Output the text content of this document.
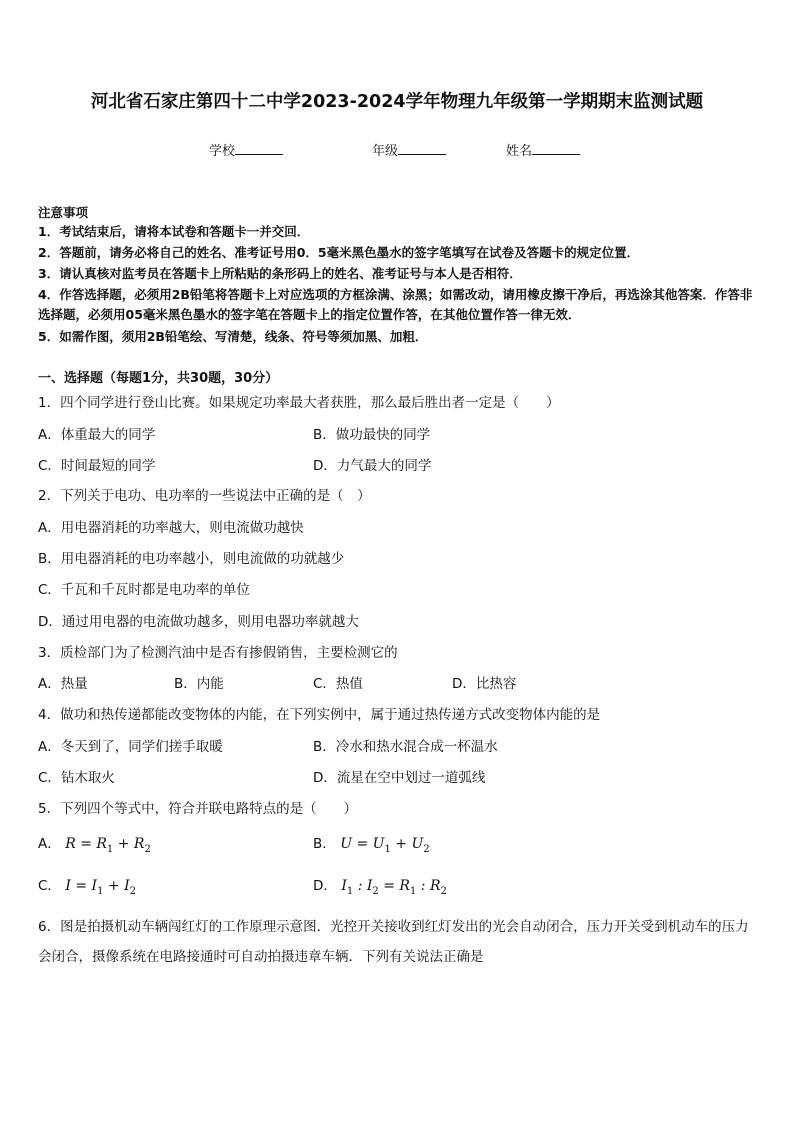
河北省石家庄第四十二中学2023-2024学年物理九年级第一学期期末监测试题
学校	年级	姓名
注意事项
1．考试结束后，请将本试卷和答题卡一并交回．
2．答题前，请务必将自己的姓名、准考证号用0．5毫米黑色墨水的签字笔填写在试卷及答题卡的规定位置．
3．请认真核对监考员在答题卡上所粘贴的条形码上的姓名、准考证号与本人是否相符．
4．作答选择题，必须用2B铅笔将答题卡上对应选项的方框涂满、涂黑；如需改动，请用橡皮擦干净后，再选涂其他答案．作答非选择题，必须用05毫米黑色墨水的签字笔在答题卡上的指定位置作答，在其他位置作答一律无效．
5．如需作图，须用2B铅笔绘、写清楚，线条、符号等须加黑、加粗．
一、选择题（每题1分，共30题，30分）
1．四个同学进行登山比赛。如果规定功率最大者获胜，那么最后胜出者一定是（　　）
A．体重最大的同学	B．做功最快的同学
C．时间最短的同学	D．力气最大的同学
2．下列关于电功、电功率的一些说法中正确的是（　）
A．用电器消耗的功率越大，则电流做功越快
B．用电器消耗的电功率越小，则电流做的功就越少
C．千瓦和千瓦时都是电功率的单位
D．通过用电器的电流做功越多，则用电器功率就越大
3．质检部门为了检测汽油中是否有掺假销售，主要检测它的
A．热量	B．内能	C．热值	D．比热容
4．做功和热传递都能改变物体的内能，在下列实例中，属于通过热传递方式改变物体内能的是
A．冬天到了，同学们搓手取暖	B．冷水和热水混合成一杯温水
C．钻木取火	D．流星在空中划过一道弧线
5．下列四个等式中，符合并联电路特点的是（　　）
A． $R = R_1 + R_2$	B． $U = U_1 + U_2$
C． $I = I_1 + I_2$	D． $I_1$ : $I_2 = R_1$ : $R_2$
6．图是拍摄机动车辆闯红灯的工作原理示意图．光控开关接收到红灯发出的光会自动闭合，压力开关受到机动车的压力会闭合，摄像系统在电路接通时可自动拍摄违章车辆．下列有关说法正确是
